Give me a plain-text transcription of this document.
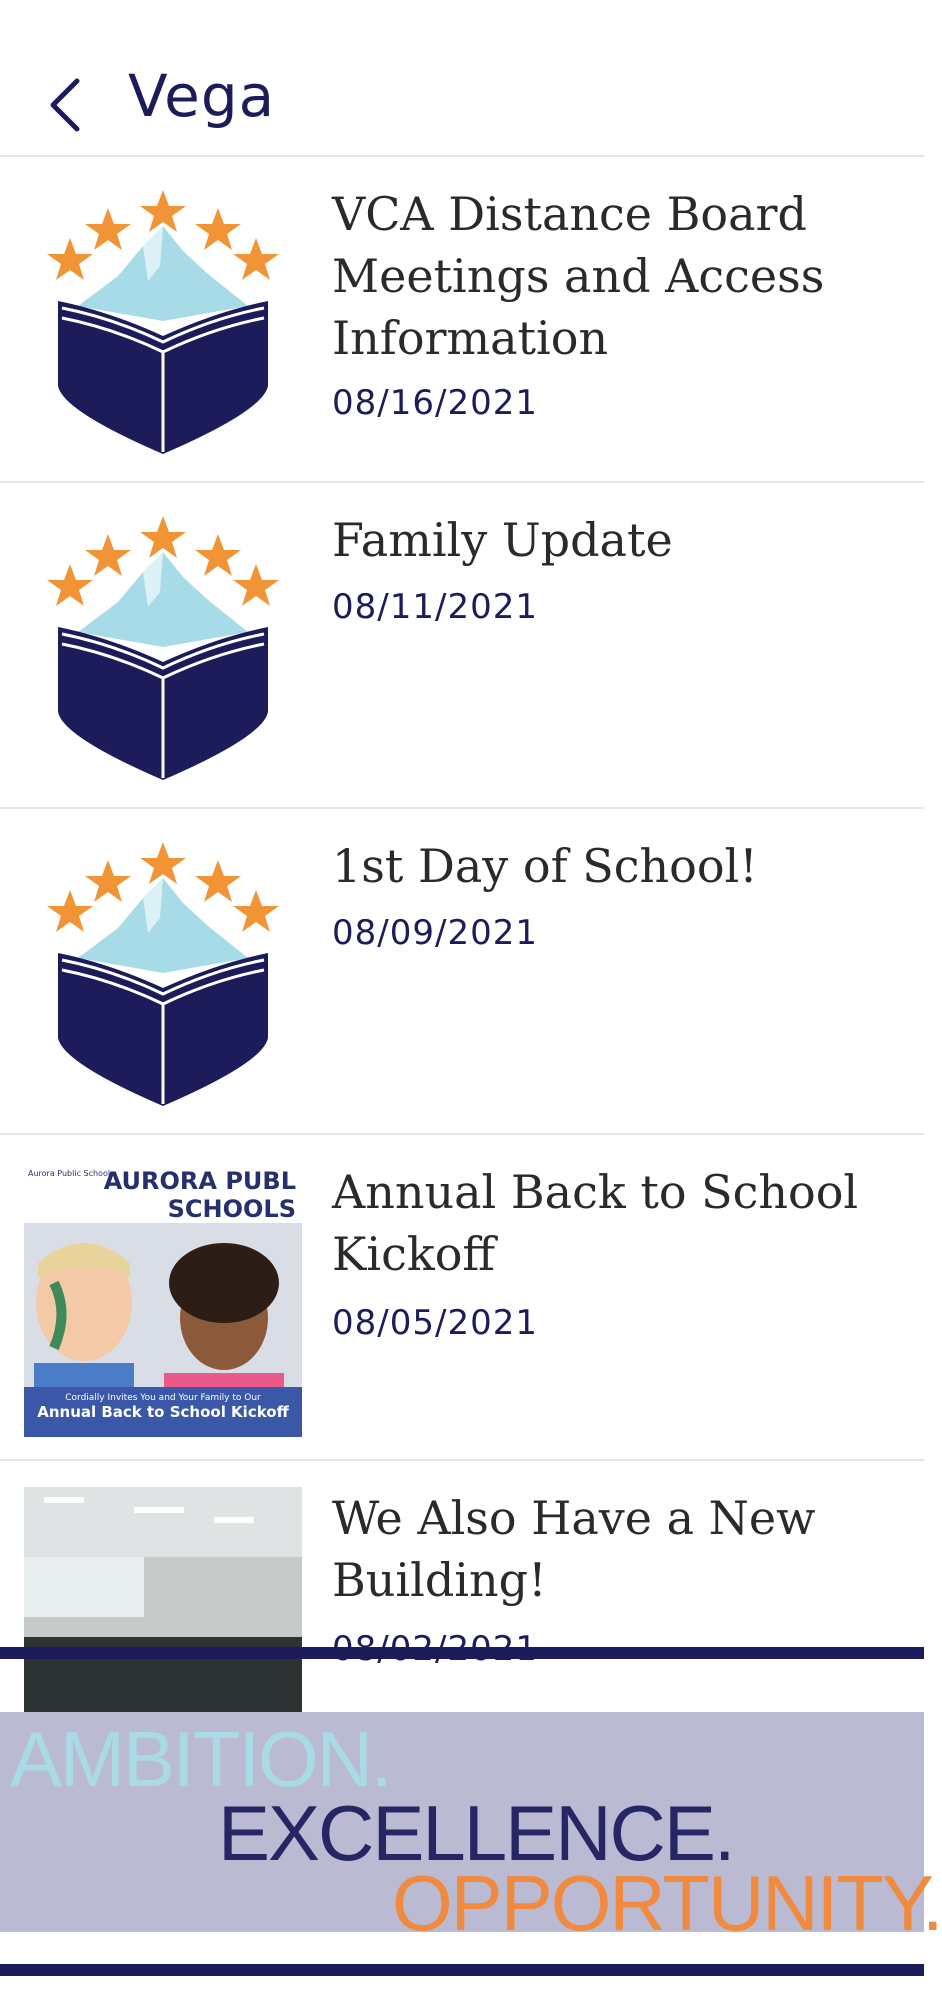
Vega
VCA Distance Board Meetings and Access Information
08/16/2021
Family Update
08/11/2021
1st Day of School!
08/09/2021
Aurora Public Schools
AURORA PUBL
SCHOOLS
Cordially Invites You and Your Family to Our
Annual Back to School Kickoff
Annual Back to School Kickoff
08/05/2021
We Also Have a New Building!
AMBITION.
EXCELLENCE.
OPPORTUNITY.
